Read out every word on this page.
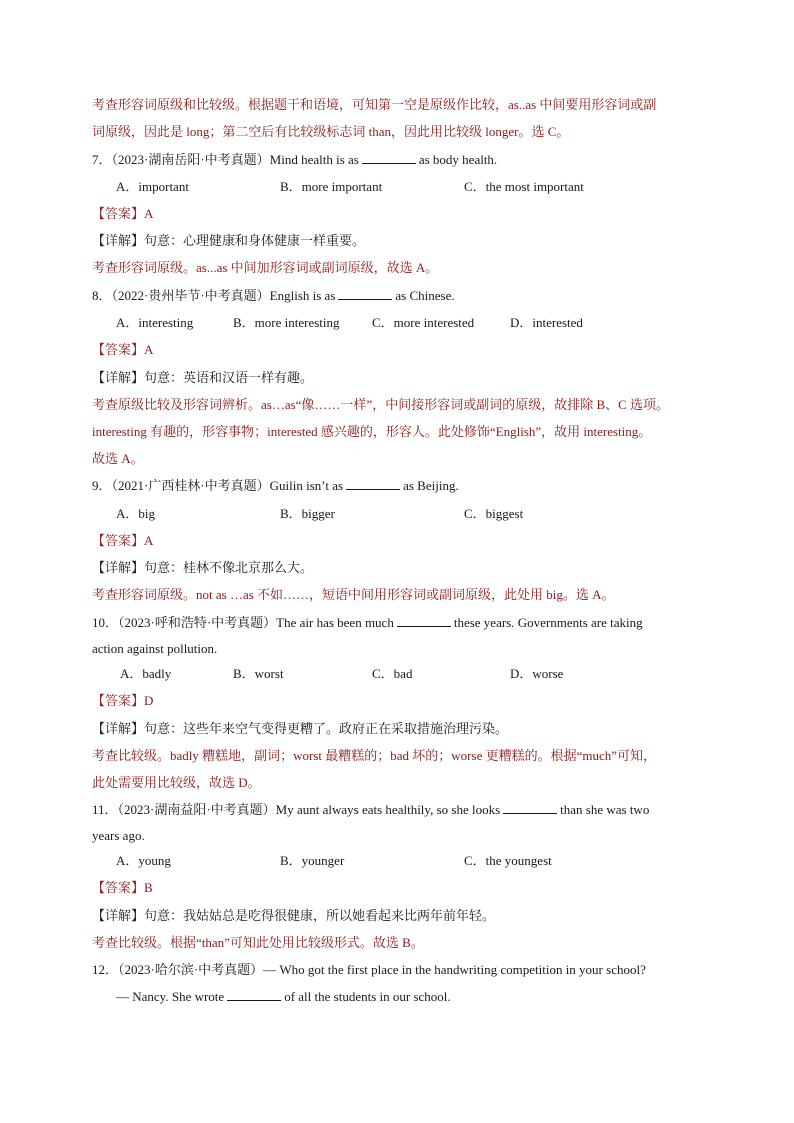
考查形容词原级和比较级。根据题干和语境，可知第一空是原级作比较，as..as 中间要用形容词或副
词原级，因此是 long；第二空后有比较级标志词 than，因此用比较级 longer。选 C。
7．（2023·湖南岳阳·中考真题）Mind health is as	as body health.
A．important	B．more important	C．the most important
【答案】A
【详解】句意：心理健康和身体健康一样重要。
考查形容词原级。as...as 中间加形容词或副词原级，故选 A。
8．（2022·贵州毕节·中考真题）English is as	as Chinese.
A．interesting	B．more interesting C．more interested	D．interested
【答案】A
【详解】句意：英语和汉语一样有趣。
考查原级比较及形容词辨析。as…as“像……一样”，中间接形容词或副词的原级，故排除 B、C 选项。
interesting 有趣的，形容事物；interested 感兴趣的，形容人。此处修饰“English”，故用 interesting。
故选 A。
9．（2021·广西桂林·中考真题）Guilin isn’t as	as Beijing.
A．big	B．bigger	C．biggest
【答案】A
【详解】句意：桂林不像北京那么大。
考查形容词原级。not as …as 不如……，短语中间用形容词或副词原级，此处用 big。选 A。
10．（2023·呼和浩特·中考真题）The air has been much	these years. Governments are taking
action against pollution.
A．badly	B．worst	C．bad	D．worse
【答案】D
【详解】句意：这些年来空气变得更糟了。政府正在采取措施治理污染。
考查比较级。badly 糟糕地，副词；worst 最糟糕的；bad 坏的；worse 更糟糕的。根据“much”可知，
此处需要用比较级，故选 D。
11．（2023·湖南益阳·中考真题）My aunt always eats healthily, so she looks	than she was two
years ago.
A．young	B．younger	C．the youngest
【答案】B
【详解】句意：我姑姑总是吃得很健康，所以她看起来比两年前年轻。
考查比较级。根据“than”可知此处用比较级形式。故选 B。
12．（2023·哈尔滨·中考真题）— Who got the first place in the handwriting competition in your school?
— Nancy. She wrote	of all the students in our school.
